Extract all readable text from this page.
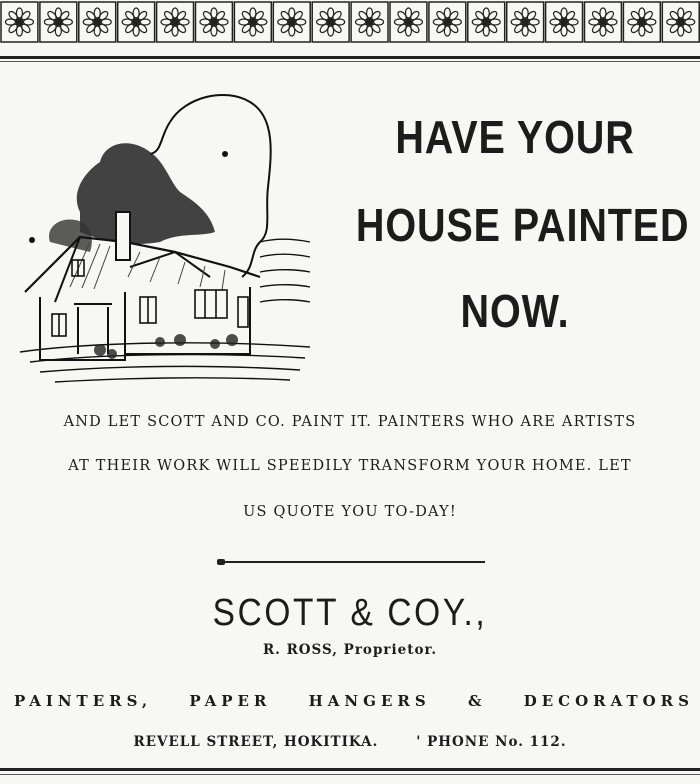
HAVE YOUR
HOUSE PAINTED
NOW.
AND LET SCOTT AND CO. PAINT IT. PAINTERS WHO ARE ARTISTS
AT THEIR WORK WILL SPEEDILY TRANSFORM YOUR HOME. LET
US QUOTE YOU TO-DAY!
SCOTT & COY.,
R. ROSS, Proprietor.
PAINTERS, PAPER HANGERS & DECORATORS
REVELL STREET, HOKITIKA.	' PHONE No. 112.
